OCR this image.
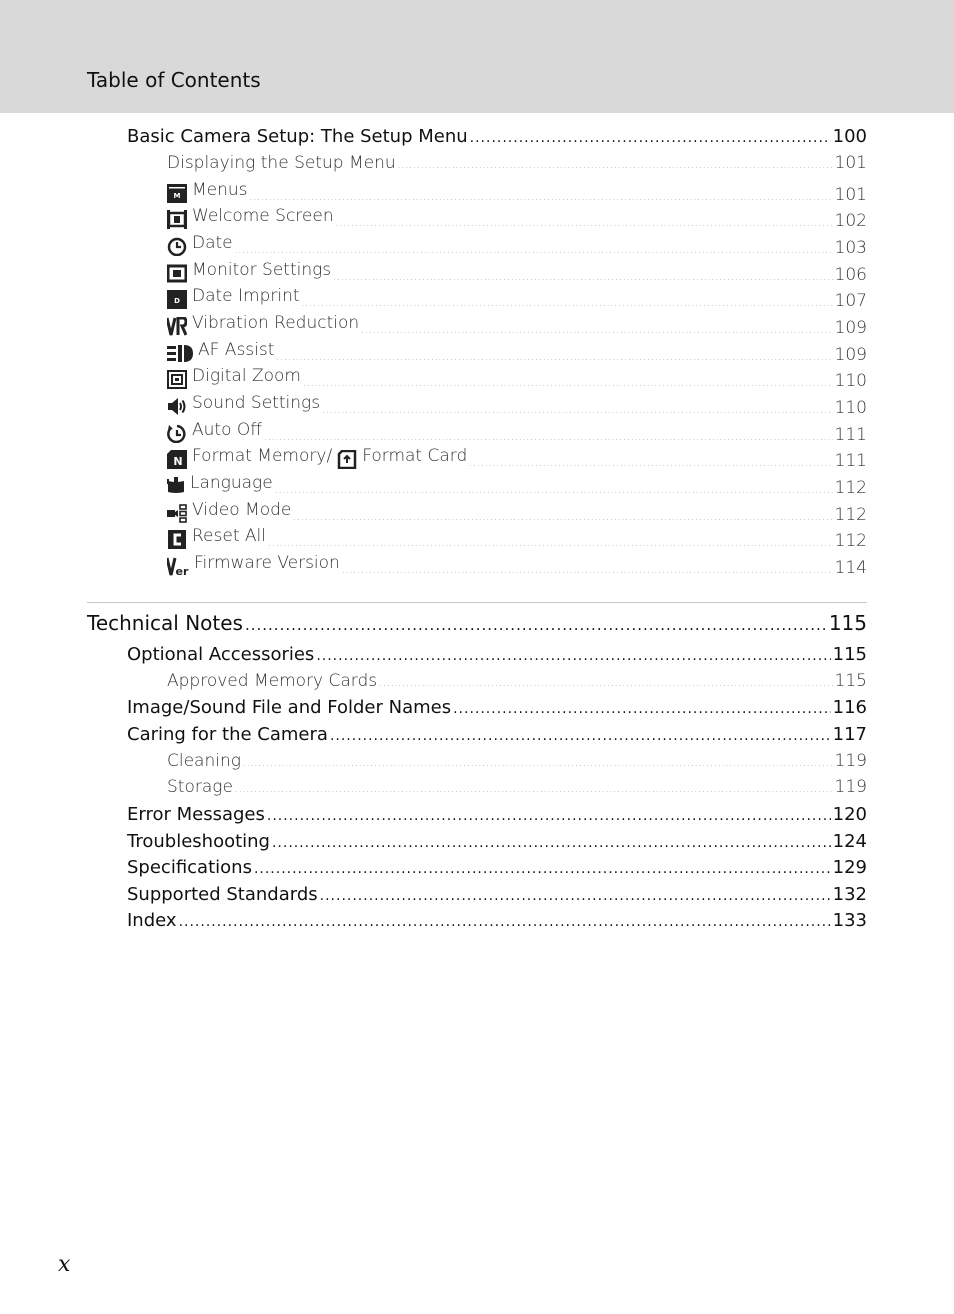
Table of Contents
Basic Camera Setup: The Setup Menu .....	100
Displaying the Setup Menu .....	101
M Menus .....	101
Welcome Screen .....	102
Date .....	103
Monitor Settings .....	106
D Date Imprint .....	107
Vibration Reduction .....	109
AF Assist .....	109
Digital Zoom .....	110
Sound Settings .....	110
Auto Off .....	111
N Format Memory/ Format Card .....	111
Language .....	112
Video Mode .....	112
Reset All .....	112
er Firmware Version .....	114
Technical Notes .....	115
Optional Accessories .....	115
Approved Memory Cards .....	115
Image/Sound File and Folder Names .....	116
Caring for the Camera .....	117
Cleaning .....	119
Storage .....	119
Error Messages .....	120
Troubleshooting .....	124
Specifications .....	129
Supported Standards .....	132
Index .....	133
x
